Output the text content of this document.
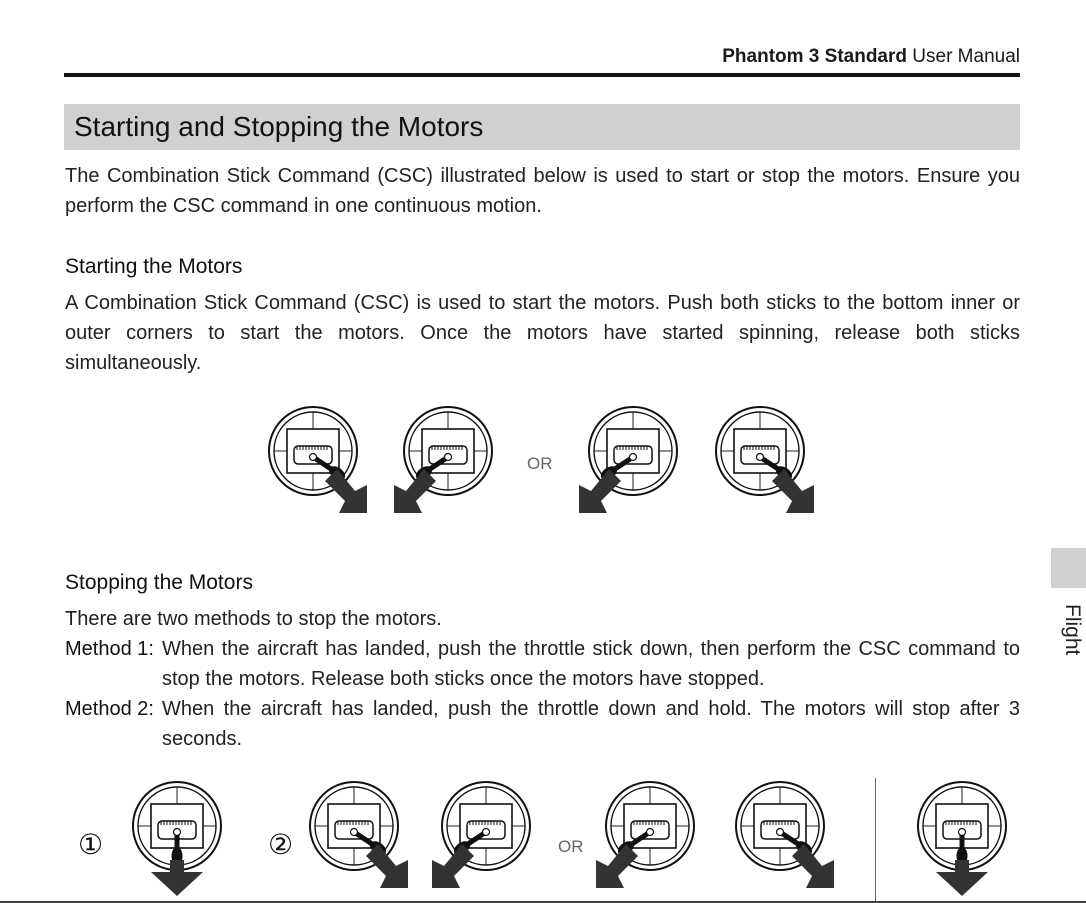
Phantom 3 Standard User Manual
Starting and Stopping the Motors
The Combination Stick Command (CSC) illustrated below is used to start or stop the motors. Ensure you perform the CSC command in one continuous motion.
Starting the Motors
A Combination Stick Command (CSC) is used to start the motors. Push both sticks to the bottom inner or outer corners to start the motors. Once the motors have started spinning, release both sticks simultaneously.
Stopping the Motors
There are two methods to stop the motors.
Method 1: When the aircraft has landed, push the throttle stick down, then perform the CSC command to stop the motors. Release both sticks once the motors have stopped.
Method 2: When the aircraft has landed, push the throttle down and hold. The motors will stop after 3 seconds.
Flight
OR
OR
①	②
